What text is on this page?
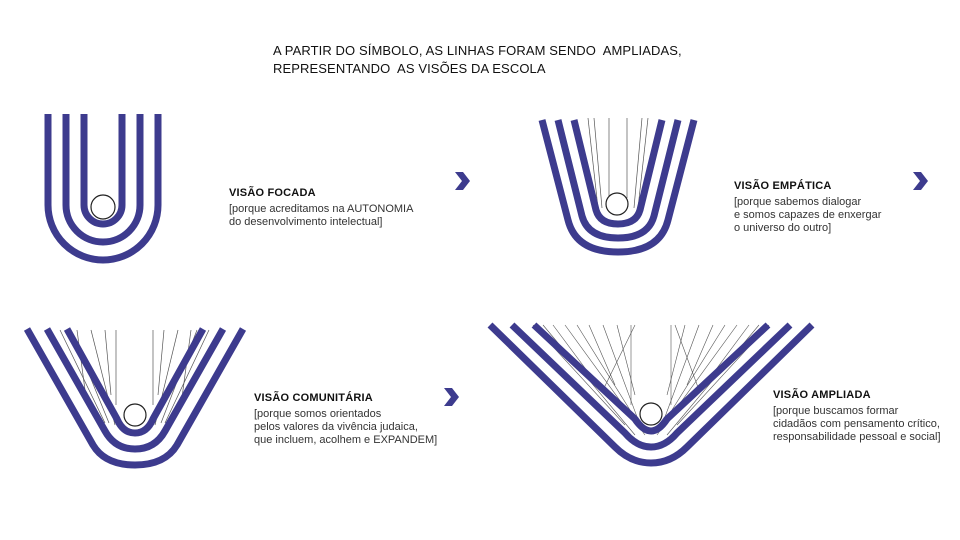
A PARTIR DO SÍMBOLO, AS LINHAS FORAM SENDO  AMPLIADAS,
REPRESENTANDO  AS VISÕES DA ESCOLA
VISÃO FOCADA
[porque acreditamos na AUTONOMIA
do desenvolvimento intelectual]
VISÃO EMPÁTICA
[porque sabemos dialogar
e somos capazes de enxergar
o universo do outro]
VISÃO COMUNITÁRIA
[porque somos orientados
pelos valores da vivência judaica,
que incluem, acolhem e EXPANDEM]
VISÃO AMPLIADA
[porque buscamos formar
cidadãos com pensamento crítico,
responsabilidade pessoal e social]
